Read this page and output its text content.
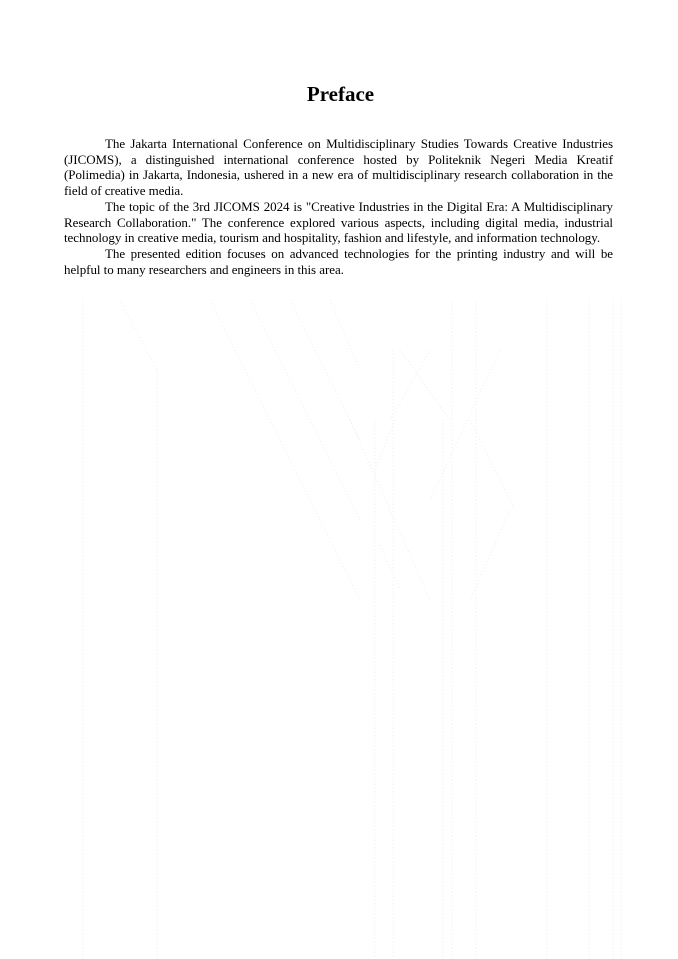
Preface

The Jakarta International Conference on Multidisciplinary Studies Towards Creative Industries (JICOMS), a distinguished international conference hosted by Politeknik Negeri Media Kreatif (Polimedia) in Jakarta, Indonesia, ushered in a new era of multidisciplinary research collaboration in the field of creative media.

The topic of the 3rd JICOMS 2024 is "Creative Industries in the Digital Era: A Multidisciplinary Research Collaboration." The conference explored various aspects, including digital media, industrial technology in creative media, tourism and hospitality, fashion and lifestyle, and information technology.

The presented edition focuses on advanced technologies for the printing industry and will be helpful to many researchers and engineers in this area.
